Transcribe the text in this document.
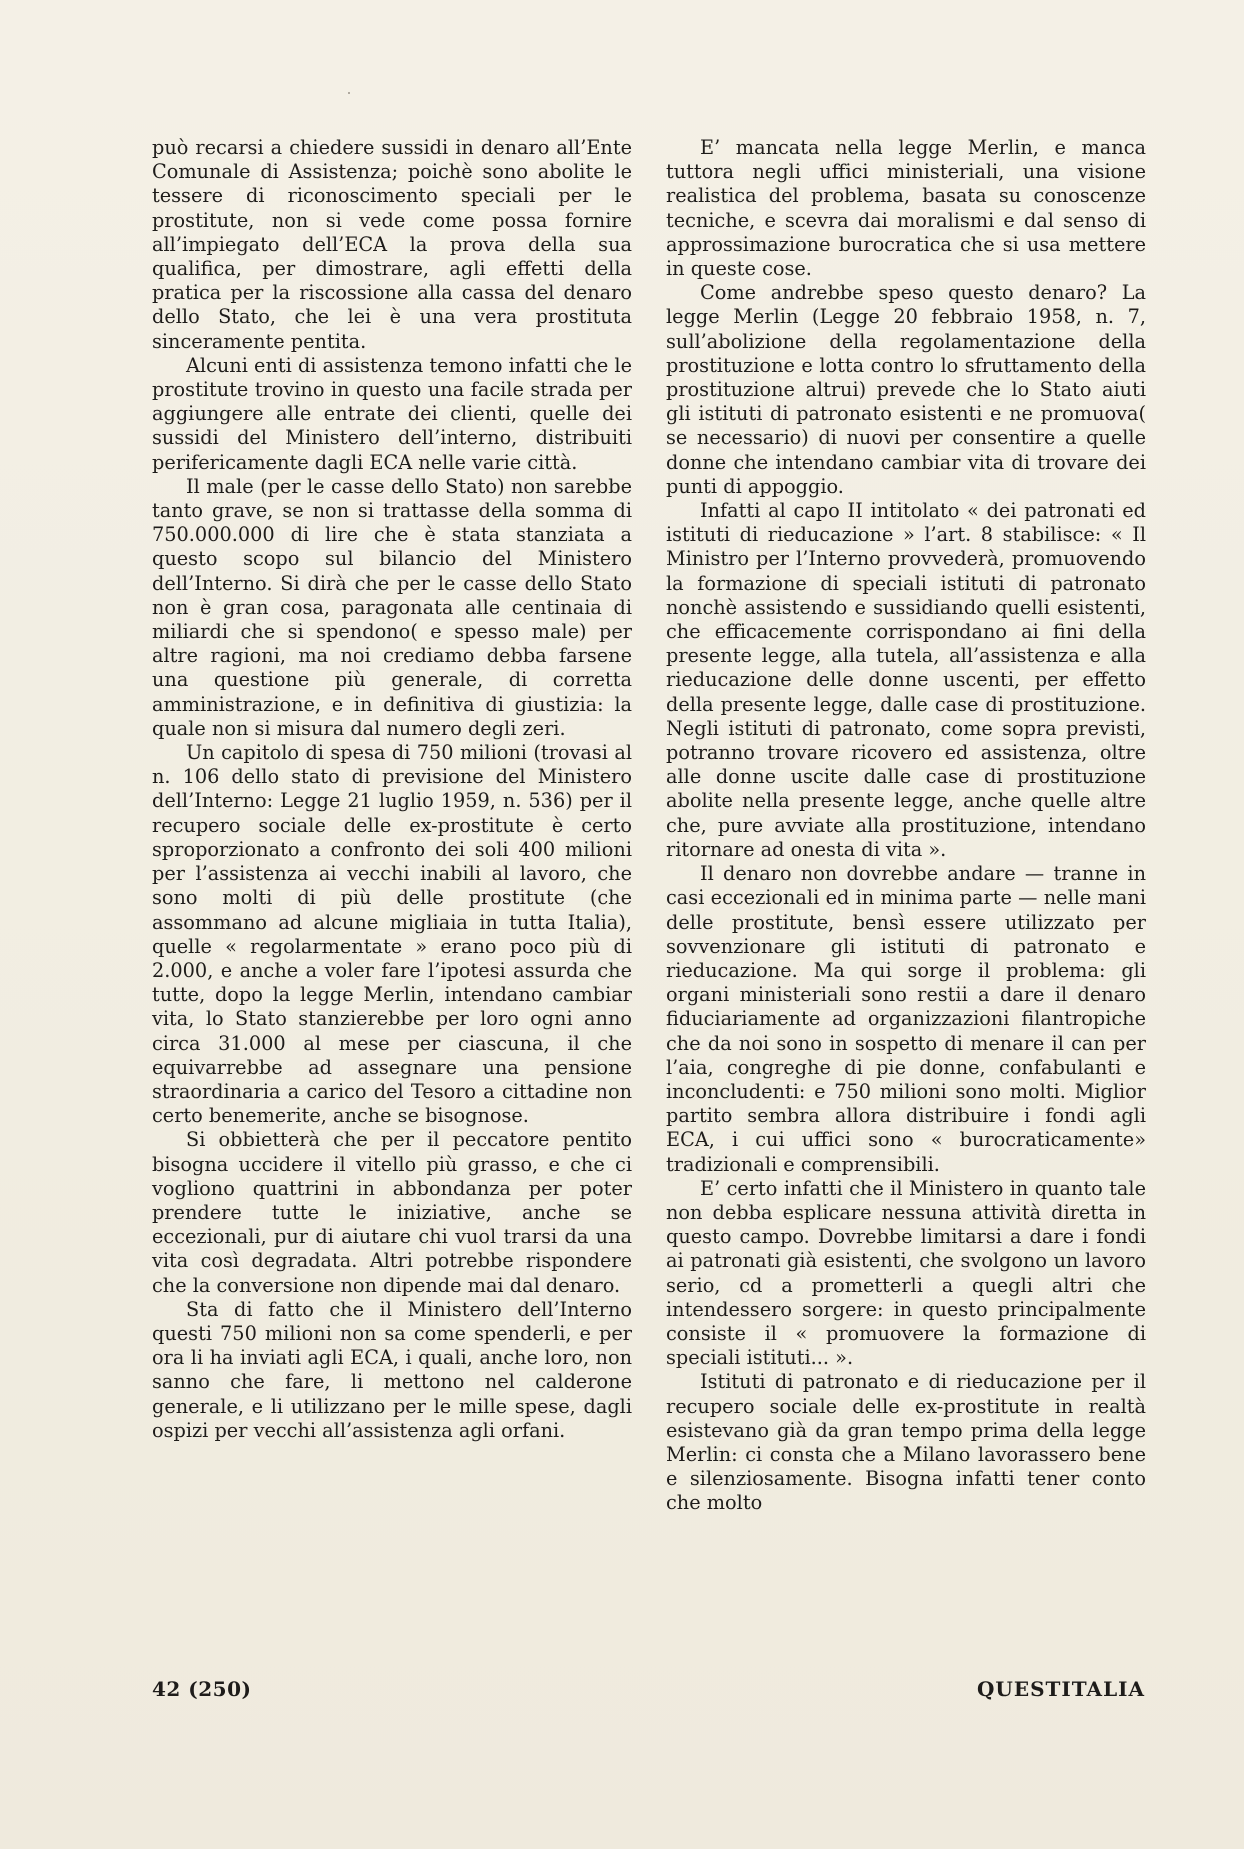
può recarsi a chiedere sussidi in denaro all’Ente Comunale di Assistenza; poichè sono abolite le tessere di riconoscimento speciali per le prostitute, non si vede come possa fornire all’impiegato dell’ECA la prova della sua qualifica, per dimostrare, agli effetti della pratica per la riscossione alla cassa del denaro dello Stato, che lei è una vera prostituta sinceramente pentita.

Alcuni enti di assistenza temono infatti che le prostitute trovino in questo una facile strada per aggiungere alle entrate dei clienti, quelle dei sussidi del Ministero dell’interno, distribuiti perifericamente dagli ECA nelle varie città.

Il male (per le casse dello Stato) non sarebbe tanto grave, se non si trattasse della somma di 750.000.000 di lire che è stata stanziata a questo scopo sul bilancio del Ministero dell’Interno. Si dirà che per le casse dello Stato non è gran cosa, paragonata alle centinaia di miliardi che si spendono( e spesso male) per altre ragioni, ma noi crediamo debba farsene una questione più generale, di corretta amministrazione, e in definitiva di giustizia: la quale non si misura dal numero degli zeri.

Un capitolo di spesa di 750 milioni (trovasi al n. 106 dello stato di previsione del Ministero dell’Interno: Legge 21 luglio 1959, n. 536) per il recupero sociale delle ex-prostitute è certo sproporzionato a confronto dei soli 400 milioni per l’assistenza ai vecchi inabili al lavoro, che sono molti di più delle prostitute (che assommano ad alcune migliaia in tutta Italia), quelle « regolarmentate » erano poco più di 2.000, e anche a voler fare l’ipotesi assurda che tutte, dopo la legge Merlin, intendano cambiar vita, lo Stato stanzierebbe per loro ogni anno circa 31.000 al mese per ciascuna, il che equivarrebbe ad assegnare una pensione straordinaria a carico del Tesoro a cittadine non certo benemerite, anche se bisognose.

Si obbietterà che per il peccatore pentito bisogna uccidere il vitello più grasso, e che ci vogliono quattrini in abbondanza per poter prendere tutte le iniziative, anche se eccezionali, pur di aiutare chi vuol trarsi da una vita così degradata. Altri potrebbe rispondere che la conversione non dipende mai dal denaro.

Sta di fatto che il Ministero dell’Interno questi 750 milioni non sa come spenderli, e per ora li ha inviati agli ECA, i quali, anche loro, non sanno che fare, li mettono nel calderone generale, e li utilizzano per le mille spese, dagli ospizi per vecchi all’assistenza agli orfani.

E’ mancata nella legge Merlin, e manca tuttora negli uffici ministeriali, una visione realistica del problema, basata su conoscenze tecniche, e scevra dai moralismi e dal senso di approssimazione burocratica che si usa mettere in queste cose.

Come andrebbe speso questo denaro? La legge Merlin (Legge 20 febbraio 1958, n. 7, sull’abolizione della regolamentazione della prostituzione e lotta contro lo sfruttamento della prostituzione altrui) prevede che lo Stato aiuti gli istituti di patronato esistenti e ne promuova( se necessario) di nuovi per consentire a quelle donne che intendano cambiar vita di trovare dei punti di appoggio.

Infatti al capo II intitolato « dei patronati ed istituti di rieducazione » l’art. 8 stabilisce: « Il Ministro per l’Interno provvederà, promuovendo la formazione di speciali istituti di patronato nonchè assistendo e sussidiando quelli esistenti, che efficacemente corrispondano ai fini della presente legge, alla tutela, all’assistenza e alla rieducazione delle donne uscenti, per effetto della presente legge, dalle case di prostituzione. Negli istituti di patronato, come sopra previsti, potranno trovare ricovero ed assistenza, oltre alle donne uscite dalle case di prostituzione abolite nella presente legge, anche quelle altre che, pure avviate alla prostituzione, intendano ritornare ad onesta di vita ».

Il denaro non dovrebbe andare — tranne in casi eccezionali ed in minima parte — nelle mani delle prostitute, bensì essere utilizzato per sovvenzionare gli istituti di patronato e rieducazione. Ma qui sorge il problema: gli organi ministeriali sono restii a dare il denaro fiduciariamente ad organizzazioni filantropiche che da noi sono in sospetto di menare il can per l’aia, congreghe di pie donne, confabulanti e inconcludenti: e 750 milioni sono molti. Miglior partito sembra allora distribuire i fondi agli ECA, i cui uffici sono « burocraticamente» tradizionali e comprensibili.

E’ certo infatti che il Ministero in quanto tale non debba esplicare nessuna attività diretta in questo campo. Dovrebbe limitarsi a dare i fondi ai patronati già esistenti, che svolgono un lavoro serio, cd a prometterli a quegli altri che intendessero sorgere: in questo principalmente consiste il « promuovere la formazione di speciali istituti... ».

Istituti di patronato e di rieducazione per il recupero sociale delle ex-prostitute in realtà esistevano già da gran tempo prima della legge Merlin: ci consta che a Milano lavorassero bene e silenziosamente. Bisogna infatti tener conto che molto

42 (250)	QUESTITALIA
